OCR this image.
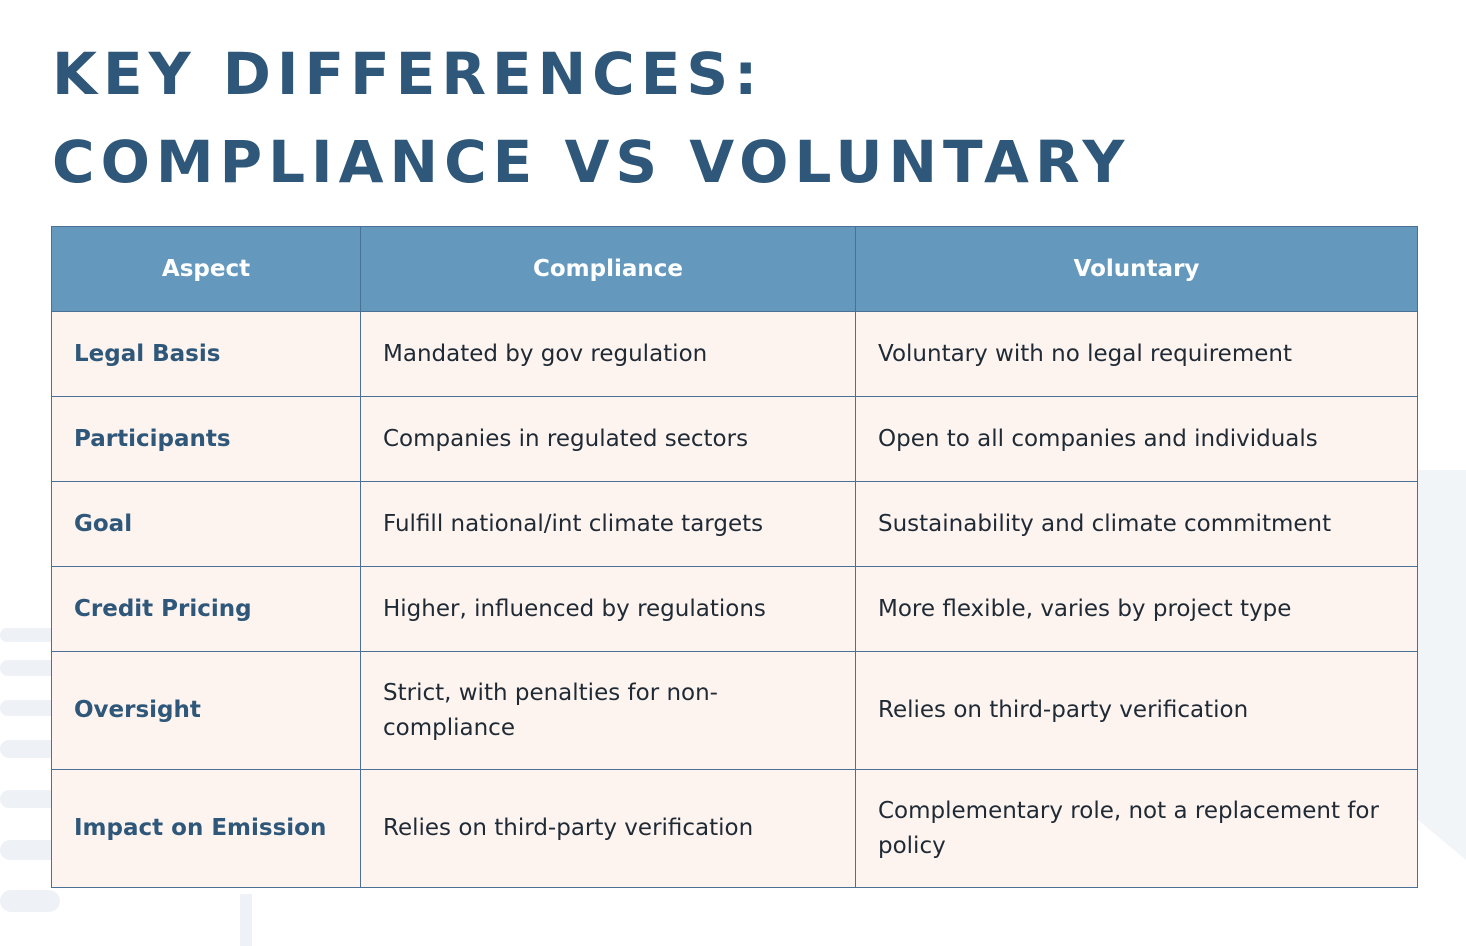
KEY DIFFERENCES:
COMPLIANCE VS VOLUNTARY
Aspect	Compliance	Voluntary
Legal Basis	Mandated by gov regulation	Voluntary with no legal requirement
Participants	Companies in regulated sectors	Open to all companies and individuals
Goal	Fulfill national/int climate targets	Sustainability and climate commitment
Credit Pricing	Higher, influenced by regulations	More flexible, varies by project type
Oversight	Strict, with penalties for non-compliance	Relies on third-party verification
Impact on Emission	Relies on third-party verification	Complementary role, not a replacement for policy
